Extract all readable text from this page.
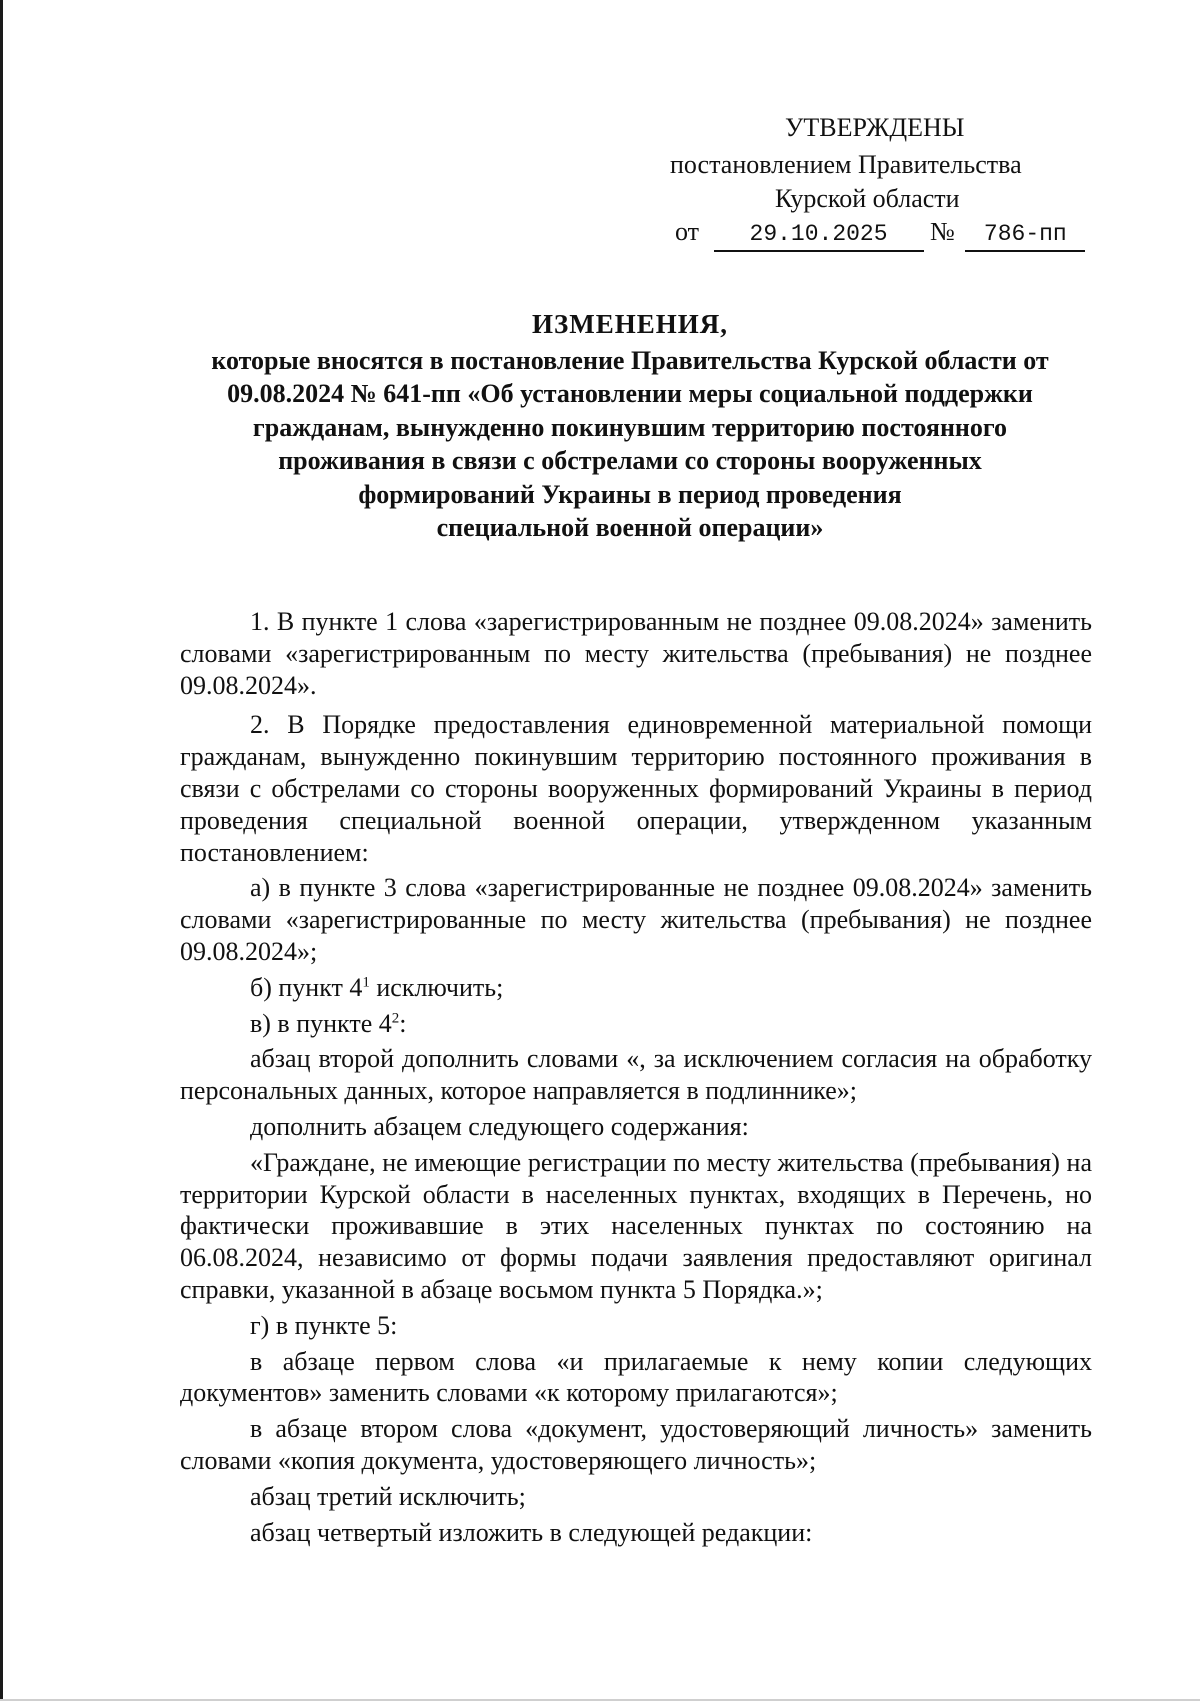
УТВЕРЖДЕНЫ
постановлением Правительства
Курской области
от 29.10.2025 № 786-пп
ИЗМЕНЕНИЯ,
которые вносятся в постановление Правительства Курской области от
09.08.2024 № 641-пп «Об установлении меры социальной поддержки
гражданам, вынужденно покинувшим территорию постоянного
проживания в связи с обстрелами со стороны вооруженных
формирований Украины в период проведения
специальной военной операции»

1. В пункте 1 слова «зарегистрированным не позднее 09.08.2024» заменить словами «зарегистрированным по месту жительства (пребывания) не позднее 09.08.2024».

2. В Порядке предоставления единовременной материальной помощи гражданам, вынужденно покинувшим территорию постоянного проживания в связи с обстрелами со стороны вооруженных формирований Украины в период проведения специальной военной операции, утвержденном указанным постановлением:

а) в пункте 3 слова «зарегистрированные не позднее 09.08.2024» заменить словами «зарегистрированные по месту жительства (пребывания) не позднее 09.08.2024»;

б) пункт $4^1$ исключить;

в) в пункте $4^2$:

абзац второй дополнить словами «, за исключением согласия на обработку персональных данных, которое направляется в подлиннике»;

дополнить абзацем следующего содержания:

«Граждане, не имеющие регистрации по месту жительства (пребывания) на территории Курской области в населенных пунктах, входящих в Перечень, но фактически проживавшие в этих населенных пунктах по состоянию на 06.08.2024, независимо от формы подачи заявления предоставляют оригинал справки, указанной в абзаце восьмом пункта 5 Порядка.»;

г) в пункте 5:

в абзаце первом слова «и прилагаемые к нему копии следующих документов» заменить словами «к которому прилагаются»;

в абзаце втором слова «документ, удостоверяющий личность» заменить словами «копия документа, удостоверяющего личность»;

абзац третий исключить;

абзац четвертый изложить в следующей редакции:
